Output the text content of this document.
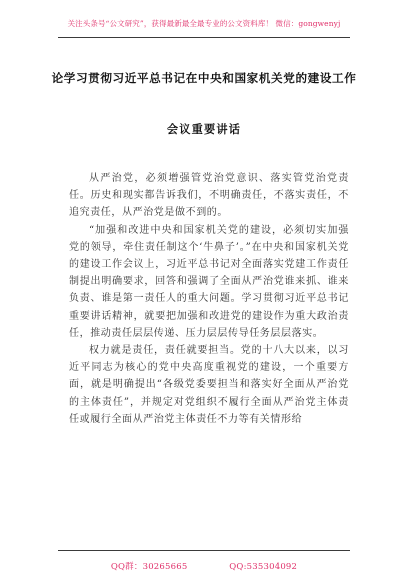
关注头条号“公文研究”，获得最新最全最专业的公文资料库！ 微信：gongwenyj
论学习贯彻习近平总书记在中央和国家机关党的建设工作
会议重要讲话

从严治党，必须增强管党治党意识、落实管党治党责任。历史和现实都告诉我们，不明确责任，不落实责任，不追究责任，从严治党是做不到的。

“加强和改进中央和国家机关党的建设，必须切实加强党的领导，牵住责任制这个‘牛鼻子’。”在中央和国家机关党的建设工作会议上，习近平总书记对全面落实党建工作责任制提出明确要求，回答和强调了全面从严治党谁来抓、谁来负责、谁是第一责任人的重大问题。学习贯彻习近平总书记重要讲话精神，就要把加强和改进党的建设作为重大政治责任，推动责任层层传递、压力层层传导任务层层落实。

权力就是责任，责任就要担当。党的十八大以来，以习近平同志为核心的党中央高度重视党的建设，一个重要方面，就是明确提出“各级党委要担当和落实好全面从严治党的主体责任”，并规定对党组织不履行全面从严治党主体责任或履行全面从严治党主体责任不力等有关情形给

QQ群：30265665	QQ:535304092
